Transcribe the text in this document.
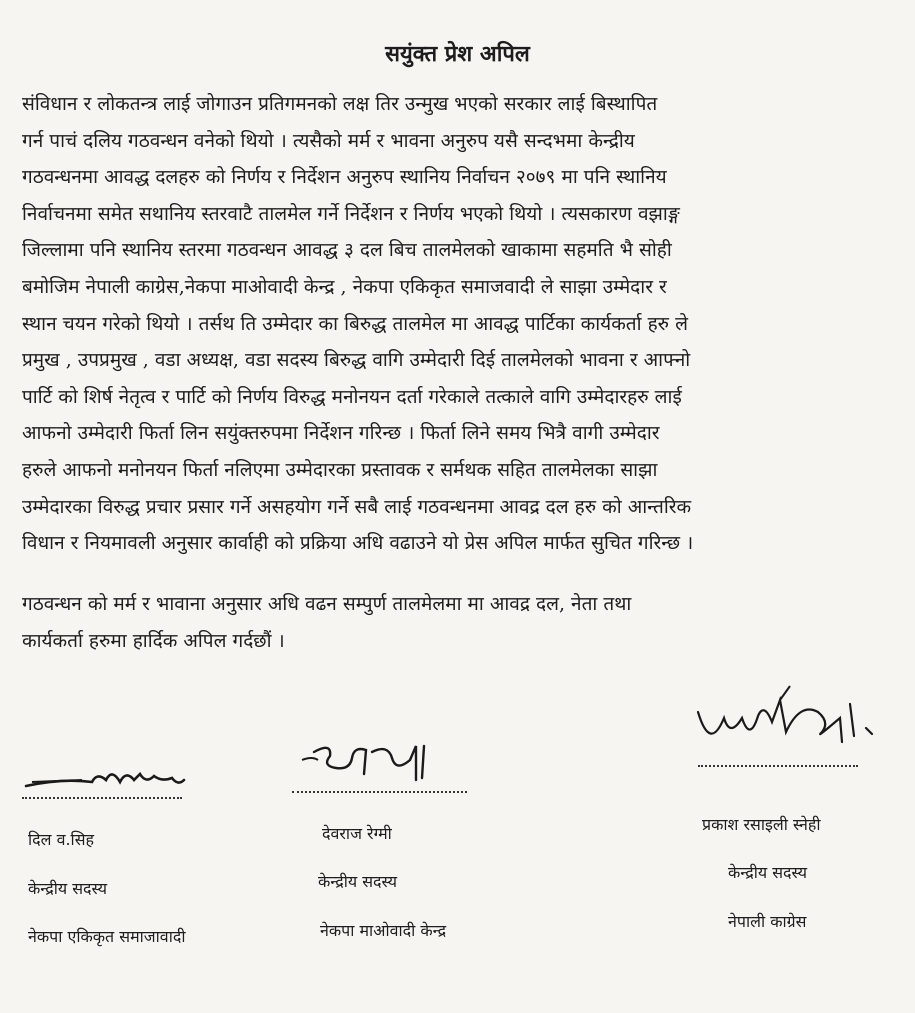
सयुंक्त प्रेश अपिल
संविधान र लोकतन्त्र लाई जोगाउन प्रतिगमनको लक्ष तिर उन्मुख भएको सरकार लाई बिस्थापित
गर्न पाचं दलिय गठवन्धन वनेको थियो । त्यसैको मर्म र भावना अनुरुप यसै सन्दभमा केन्द्रीय
गठवन्धनमा आवद्ध दलहरु को निर्णय र निर्देशन अनुरुप स्थानिय निर्वाचन २०७९ मा पनि स्थानिय
निर्वाचनमा समेत सथानिय स्तरवाटै तालमेल गर्ने निर्देशन र निर्णय भएको थियो । त्यसकारण वझाङ्ग
जिल्लामा पनि स्थानिय स्तरमा गठवन्धन आवद्ध ३ दल बिच तालमेलको खाकामा सहमति भै सोही
बमोजिम नेपाली काग्रेस,नेकपा माओवादी केन्द्र , नेकपा एकिकृत समाजवादी ले साझा उम्मेदार र
स्थान चयन गरेको थियो । तर्सथ ति उम्मेदार का बिरुद्ध तालमेल मा आवद्ध पार्टिका कार्यकर्ता हरु ले
प्रमुख , उपप्रमुख , वडा अध्यक्ष, वडा सदस्य बिरुद्ध वागि उम्मेदारी दिई तालमेलको भावना र आफ्नो
पार्टि को शिर्ष नेतृत्व र पार्टि को निर्णय विरुद्ध मनोनयन दर्ता गरेकाले तत्काले वागि उम्मेदारहरु लाई
आफनो उम्मेदारी फिर्ता लिन सयुंक्तरुपमा निर्देशन गरिन्छ । फिर्ता लिने समय भित्रै वागी उम्मेदार
हरुले आफनो मनोनयन फिर्ता नलिएमा उम्मेदारका प्रस्तावक र सर्मथक सहित तालमेलका साझा
उम्मेदारका विरुद्ध प्रचार प्रसार गर्ने असहयोग गर्ने सबै लाई गठवन्धनमा आवद्र दल हरु को आन्तरिक
विधान र नियमावली अनुसार कार्वाही को प्रक्रिया अधि वढाउने यो प्रेस अपिल मार्फत सुचित गरिन्छ ।
गठवन्धन को मर्म र भावाना अनुसार अधि वढन सम्पुर्ण तालमेलमा मा आवद्र दल, नेता तथा
कार्यकर्ता हरुमा हार्दिक अपिल गर्दछौं ।
दिल व.सिह
केन्द्रीय सदस्य
नेकपा एकिकृत समाजावादी
देवराज रेग्मी
केन्द्रीय सदस्य
नेकपा माओवादी केन्द्र
प्रकाश रसाइली स्नेही
केन्द्रीय सदस्य
नेपाली काग्रेस
